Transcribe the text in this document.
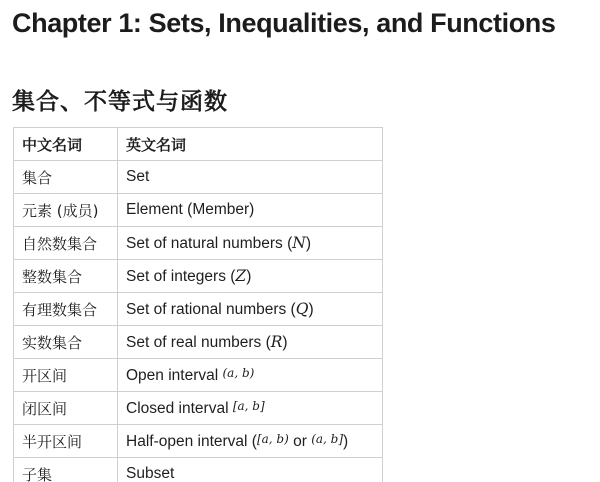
Chapter 1: Sets, Inequalities, and Functions
集合、不等式与函数
中文名词	英文名词
集合	Set
元素 (成员)	Element (Member)
自然数集合	Set of natural numbers (N)
整数集合	Set of integers (Z)
有理数集合	Set of rational numbers (Q)
实数集合	Set of real numbers (R)
开区间	Open interval (a, b)
闭区间	Closed interval [a, b]
半开区间	Half-open interval ([a, b) or (a, b])
子集	Subset
